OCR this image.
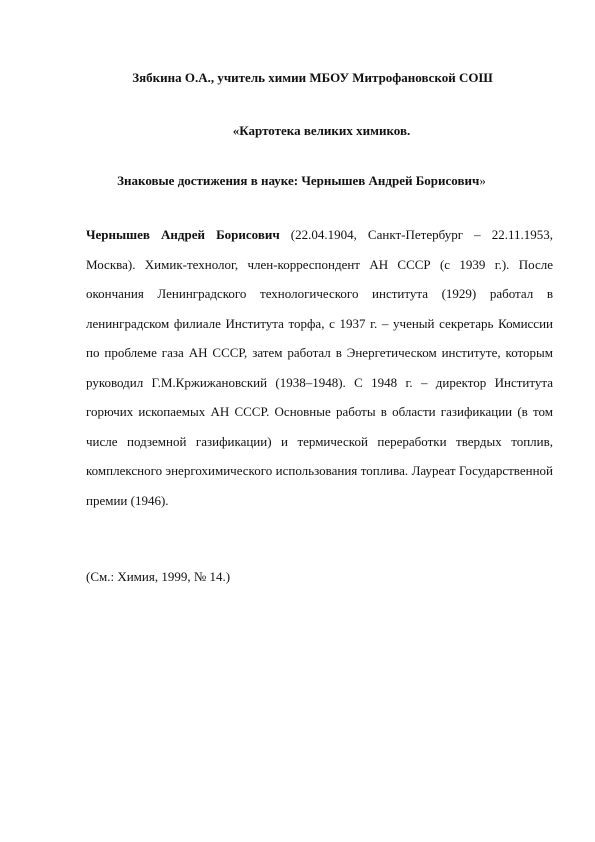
Зябкина О.А., учитель химии МБОУ Митрофановской СОШ
«Картотека великих химиков.
Знаковые достижения в науке: Чернышев Андрей Борисович»
Чернышев Андрей Борисович (22.04.1904, Санкт-Петербург – 22.11.1953, Москва). Химик-технолог, член-корреспондент АН СССР (с 1939 г.). После окончания Ленинградского технологического института (1929) работал в ленинградском филиале Института торфа, с 1937 г. – ученый секретарь Комиссии по проблеме газа АН СССР, затем работал в Энергетическом институте, которым руководил Г.М.Кржижановский (1938–1948). С 1948 г. – директор Института горючих ископаемых АН СССР. Основные работы в области газификации (в том числе подземной газификации) и термической переработки твердых топлив, комплексного энергохимического использования топлива. Лауреат Государственной премии (1946).
(См.: Химия, 1999, № 14.)
